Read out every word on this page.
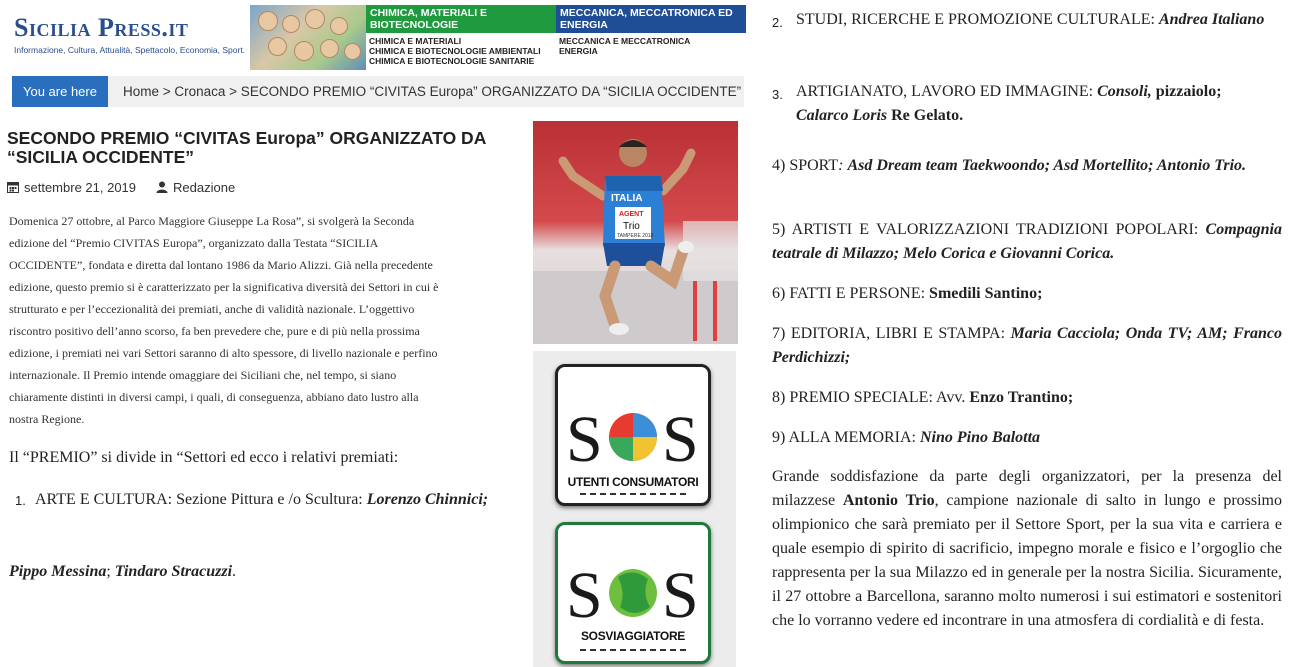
Sicilia Press.it
Informazione, Cultura, Attualità, Spettacolo, Economia, Sport.
CHIMICA, MATERIALI E BIOTECNOLOGIE
CHIMICA E MATERIALI
CHIMICA E BIOTECNOLOGIE AMBIENTALI
CHIMICA E BIOTECNOLOGIE SANITARIE
MECCANICA, MECCATRONICA ED ENERGIA
MECCANICA E MECCATRONICA
ENERGIA
You are here	Home > Cronaca > SECONDO PREMIO “CIVITAS Europa” ORGANIZZATO DA “SICILIA OCCIDENTE”
SECONDO PREMIO “CIVITAS Europa” ORGANIZZATO DA “SICILIA OCCIDENTE”
settembre 21, 2019	Redazione
Domenica 27 ottobre, al Parco Maggiore Giuseppe La Rosa”, si svolgerà la Seconda
edizione del “Premio CIVITAS Europa”, organizzato dalla Testata “SICILIA
OCCIDENTE”, fondata e diretta dal lontano 1986 da Mario Alizzi. Già nella precedente
edizione, questo premio si è caratterizzato per la significativa diversità dei Settori in cui è
strutturato e per l’eccezionalità dei premiati, anche di validità nazionale. L’oggettivo
riscontro positivo dell’anno scorso, fa ben prevedere che, pure e di più nella prossima
edizione, i premiati nei vari Settori saranno di alto spessore, di livello nazionale e perfino
internazionale. Il Premio intende omaggiare dei Siciliani che, nel tempo, si siano
chiaramente distinti in diversi campi, i quali, di conseguenza, abbiano dato lustro alla
nostra Regione.
Il “PREMIO” si divide in “Settori ed ecco i relativi premiati:
1. ARTE E CULTURA: Sezione Pittura e /o Scultura: Lorenzo Chinnici;
Pippo Messina; Tindaro Stracuzzi.
ITALIA
AGENT
Trio
TAMPERE 2018
S S
UTENTI CONSUMATORI
S S
SOSVIAGGIATORE
2. STUDI, RICERCHE E PROMOZIONE CULTURALE: Andrea Italiano
3. ARTIGIANATO, LAVORO ED IMMAGINE: Consoli, pizzaiolo;
Calarco Loris Re Gelato.
4) SPORT: Asd Dream team Taekwoondo; Asd Mortellito; Antonio Trio.
5) ARTISTI E VALORIZZAZIONI TRADIZIONI POPOLARI: Compagnia teatrale di Milazzo; Melo Corica e Giovanni Corica.
6) FATTI E PERSONE: Smedili Santino;
7) EDITORIA, LIBRI E STAMPA: Maria Cacciola; Onda TV; AM; Franco Perdichizzi;
8) PREMIO SPECIALE: Avv. Enzo Trantino;
9) ALLA MEMORIA: Nino Pino Balotta
Grande soddisfazione da parte degli organizzatori, per la presenza del milazzese Antonio Trio, campione nazionale di salto in lungo e prossimo olimpionico che sarà premiato per il Settore Sport, per la sua vita e carriera e quale esempio di spirito di sacrificio, impegno morale e fisico e l’orgoglio che rappresenta per la sua Milazzo ed in generale per la nostra Sicilia. Sicuramente, il 27 ottobre a Barcellona, saranno molto numerosi i sui estimatori e sostenitori che lo vorranno vedere ed incontrare in una atmosfera di cordialità e di festa.
